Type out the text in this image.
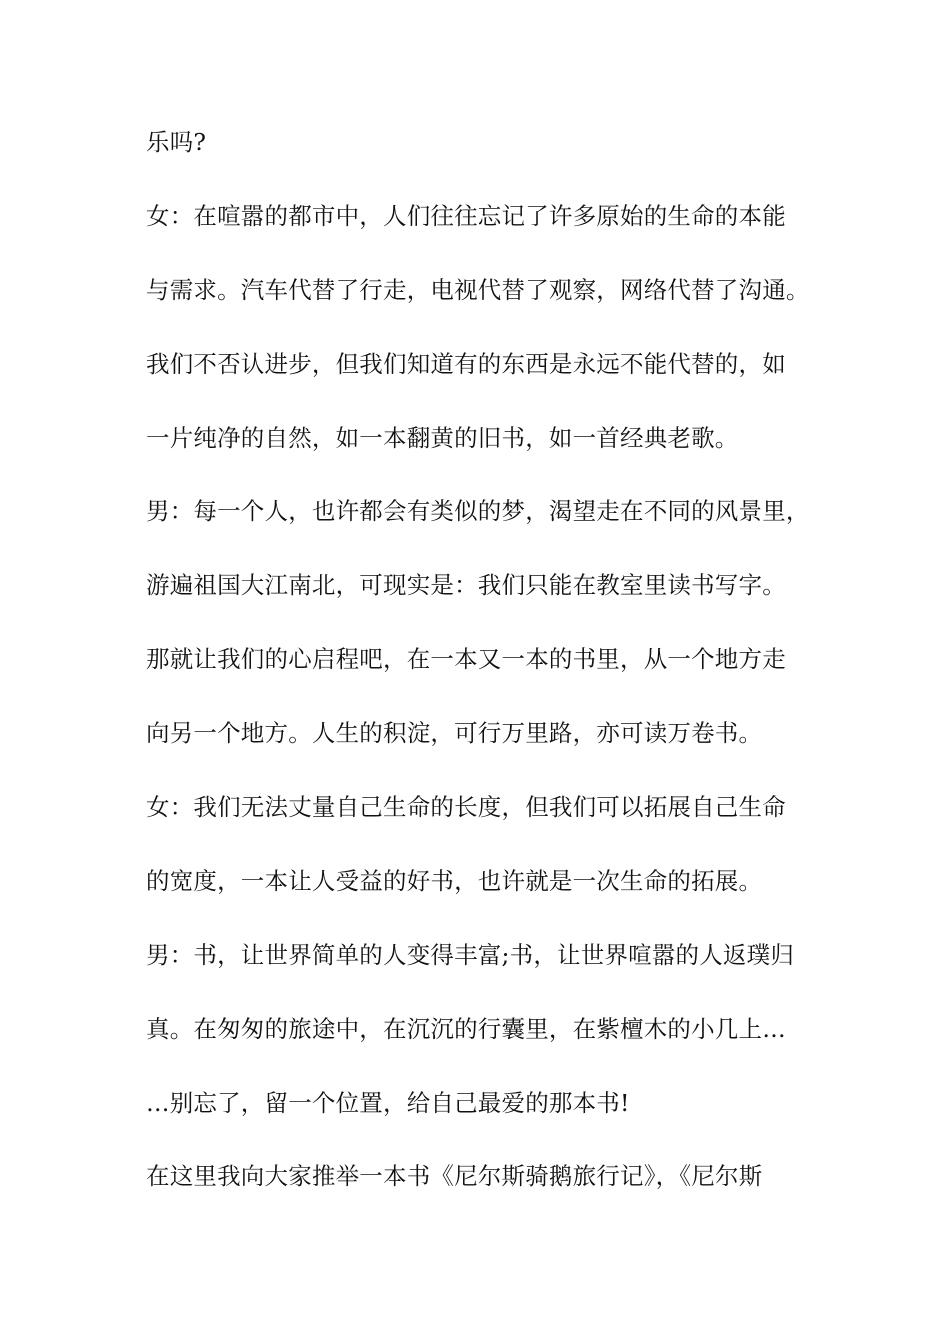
乐吗?
女：在喧嚣的都市中，人们往往忘记了许多原始的生命的本能
与需求。汽车代替了行走，电视代替了观察，网络代替了沟通。
我们不否认进步，但我们知道有的东西是永远不能代替的，如
一片纯净的自然，如一本翻黄的旧书，如一首经典老歌。
男：每一个人，也许都会有类似的梦，渴望走在不同的风景里，
游遍祖国大江南北，可现实是：我们只能在教室里读书写字。
那就让我们的心启程吧，在一本又一本的书里，从一个地方走
向另一个地方。人生的积淀，可行万里路，亦可读万卷书。
女：我们无法丈量自己生命的长度，但我们可以拓展自己生命
的宽度，一本让人受益的好书，也许就是一次生命的拓展。
男：书，让世界简单的人变得丰富;书，让世界喧嚣的人返璞归
真。在匆匆的旅途中，在沉沉的行囊里，在紫檀木的小几上…
…别忘了，留一个位置，给自己最爱的那本书!
在这里我向大家推举一本书《尼尔斯骑鹅旅行记》，《尼尔斯
